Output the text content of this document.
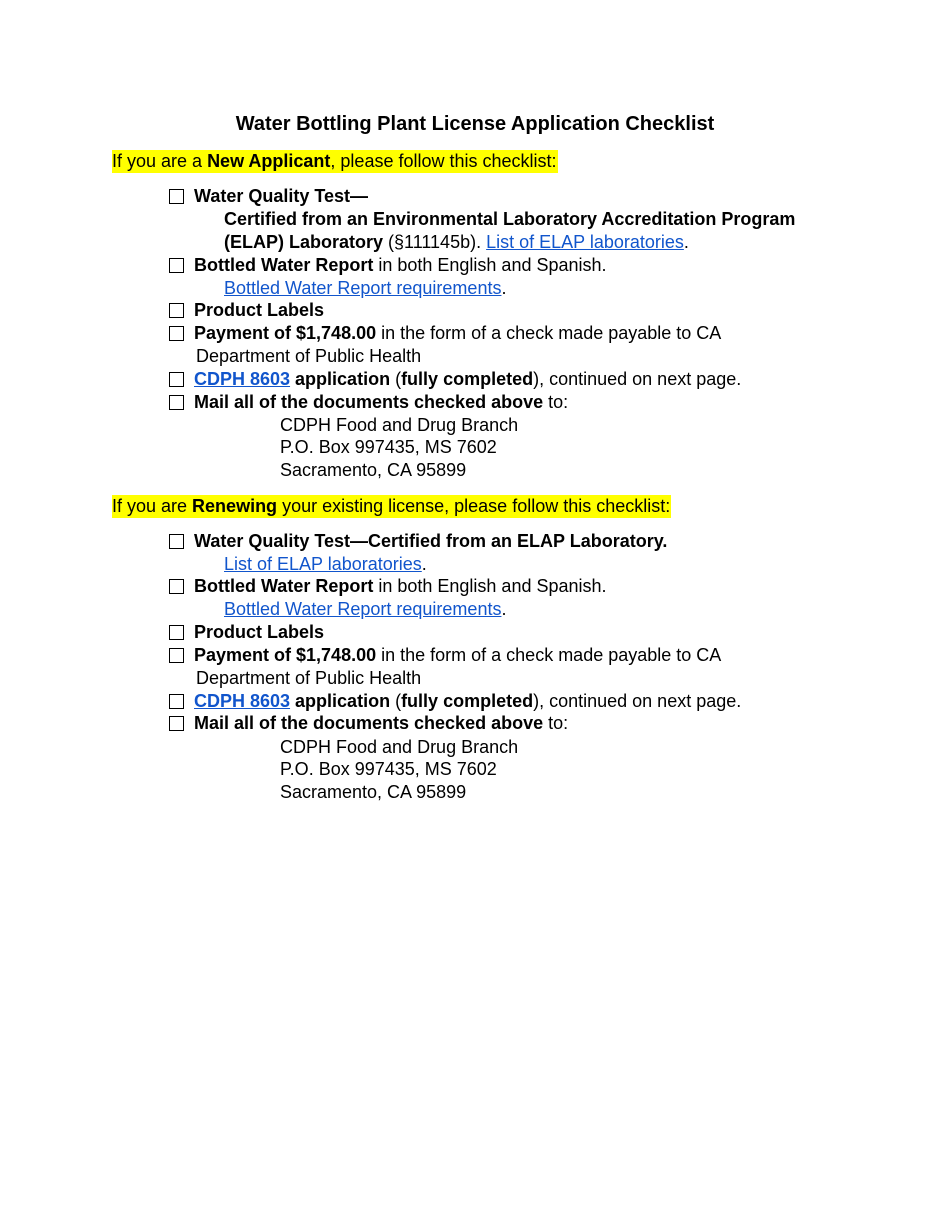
Water Bottling Plant License Application Checklist
If you are a New Applicant, please follow this checklist:
Water Quality Test—
Certified from an Environmental Laboratory Accreditation Program
(ELAP) Laboratory (§111145b). List of ELAP laboratories.
Bottled Water Report in both English and Spanish.
Bottled Water Report requirements.
Product Labels
Payment of $1,748.00 in the form of a check made payable to CA
Department of Public Health
CDPH 8603 application (fully completed), continued on next page.
Mail all of the documents checked above to:
CDPH Food and Drug Branch
P.O. Box 997435, MS 7602
Sacramento, CA 95899
If you are Renewing your existing license, please follow this checklist:
Water Quality Test—Certified from an ELAP Laboratory.
List of ELAP laboratories.
Bottled Water Report in both English and Spanish.
Bottled Water Report requirements.
Product Labels
Payment of $1,748.00 in the form of a check made payable to CA
Department of Public Health
CDPH 8603 application (fully completed), continued on next page.
Mail all of the documents checked above to:
CDPH Food and Drug Branch
P.O. Box 997435, MS 7602
Sacramento, CA 95899
